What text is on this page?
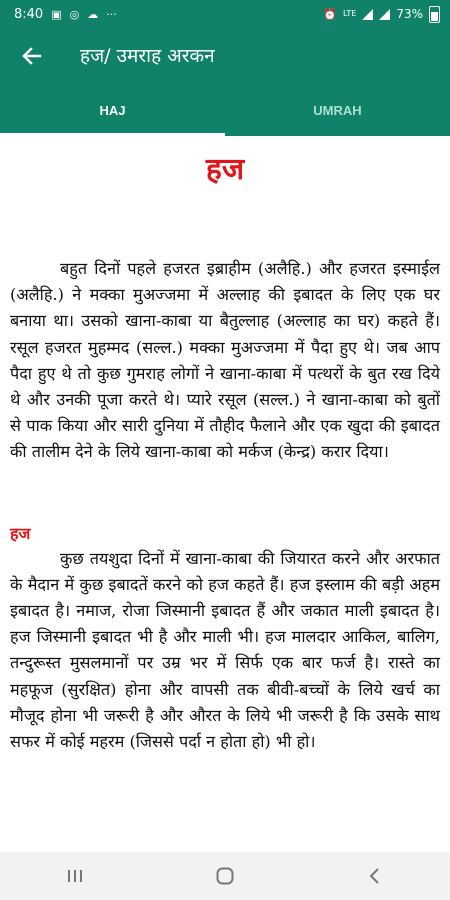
8:40 ▣ ◎ ☁ ···	⏰ LTE	73%
हज/ उमराह अरकन
HAJ	UMRAH
हज

बहुत दिनों पहले हजरत इब्राहीम (अलैहि.) और हजरत इस्माईल (अलैहि.) ने मक्का मुअज्जमा में अल्लाह की इबादत के लिए एक घर बनाया था। उसको खाना-काबा या बैतुल्लाह (अल्लाह का घर) कहते हैं। रसूल हजरत मुहम्मद (सल्ल.) मक्का मुअज्जमा में पैदा हुए थे। जब आप पैदा हुए थे तो कुछ गुमराह लोगों ने खाना-काबा में पत्थरों के बुत रख दिये थे और उनकी पूजा करते थे। प्यारे रसूल (सल्ल.) ने खाना-काबा को बुतों से पाक किया और सारी दुनिया में तौहीद फैलाने और एक खुदा की इबादत की तालीम देने के लिये खाना-काबा को मर्कज (केन्द्र) करार दिया।

हज

कुछ तयशुदा दिनों में खाना-काबा की जियारत करने और अरफात के मैदान में कुछ इबादतें करने को हज कहते हैं। हज इस्लाम की बड़ी अहम इबादत है। नमाज, रोजा जिस्मानी इबादत हैं और जकात माली इबादत है। हज जिस्मानी इबादत भी है और माली भी। हज मालदार आकिल, बालिग, तन्दुरूस्त मुसलमानों पर उम्र भर में सिर्फ एक बार फर्ज है। रास्ते का महफूज (सुरक्षित) होना और वापसी तक बीवी-बच्चों के लिये खर्च का मौजूद होना भी जरूरी है और औरत के लिये भी जरूरी है कि उसके साथ सफर में कोई महरम (जिससे पर्दा न होता हो) भी हो।
